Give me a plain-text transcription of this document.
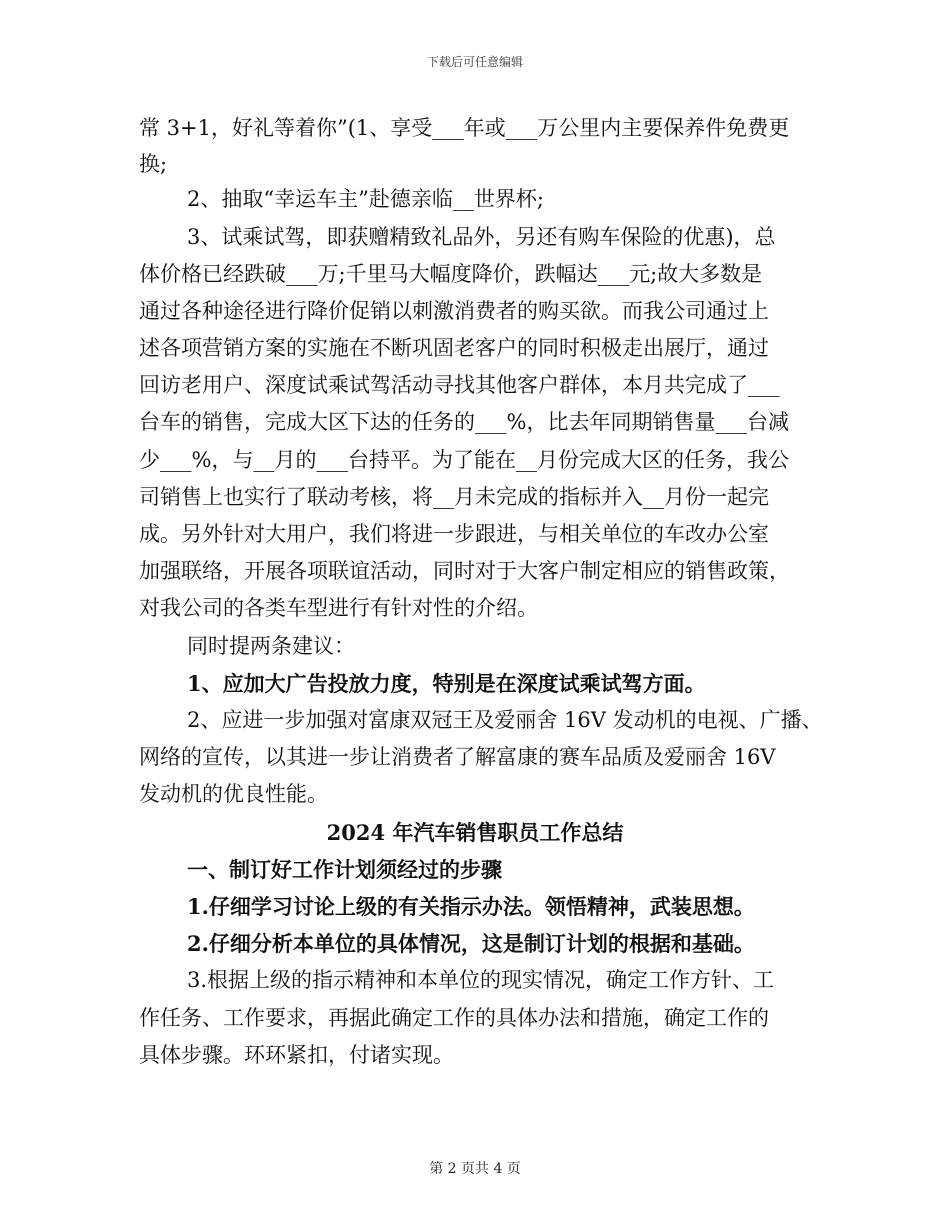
下载后可任意编辑
常 3+1，好礼等着你”(1、享受___年或___万公里内主要保养件免费更
换;
2、抽取“幸运车主”赴德亲临__世界杯;
3、试乘试驾，即获赠精致礼品外，另还有购车保险的优惠)，总
体价格已经跌破___万;千里马大幅度降价，跌幅达___元;故大多数是
通过各种途径进行降价促销以刺激消费者的购买欲。而我公司通过上
述各项营销方案的实施在不断巩固老客户的同时积极走出展厅，通过
回访老用户、深度试乘试驾活动寻找其他客户群体，本月共完成了___
台车的销售，完成大区下达的任务的___%，比去年同期销售量___台减
少___%，与__月的___台持平。为了能在__月份完成大区的任务，我公
司销售上也实行了联动考核，将__月未完成的指标并入__月份一起完
成。另外针对大用户，我们将进一步跟进，与相关单位的车改办公室
加强联络，开展各项联谊活动，同时对于大客户制定相应的销售政策，
对我公司的各类车型进行有针对性的介绍。
同时提两条建议：
1、应加大广告投放力度，特别是在深度试乘试驾方面。
2、应进一步加强对富康双冠王及爱丽舍 16V 发动机的电视、广播、
网络的宣传，以其进一步让消费者了解富康的赛车品质及爱丽舍 16V
发动机的优良性能。
2024 年汽车销售职员工作总结
一、制订好工作计划须经过的步骤
1.仔细学习讨论上级的有关指示办法。领悟精神，武装思想。
2.仔细分析本单位的具体情况，这是制订计划的根据和基础。
3.根据上级的指示精神和本单位的现实情况，确定工作方针、工
作任务、工作要求，再据此确定工作的具体办法和措施，确定工作的
具体步骤。环环紧扣，付诸实现。
第 2 页共 4 页
